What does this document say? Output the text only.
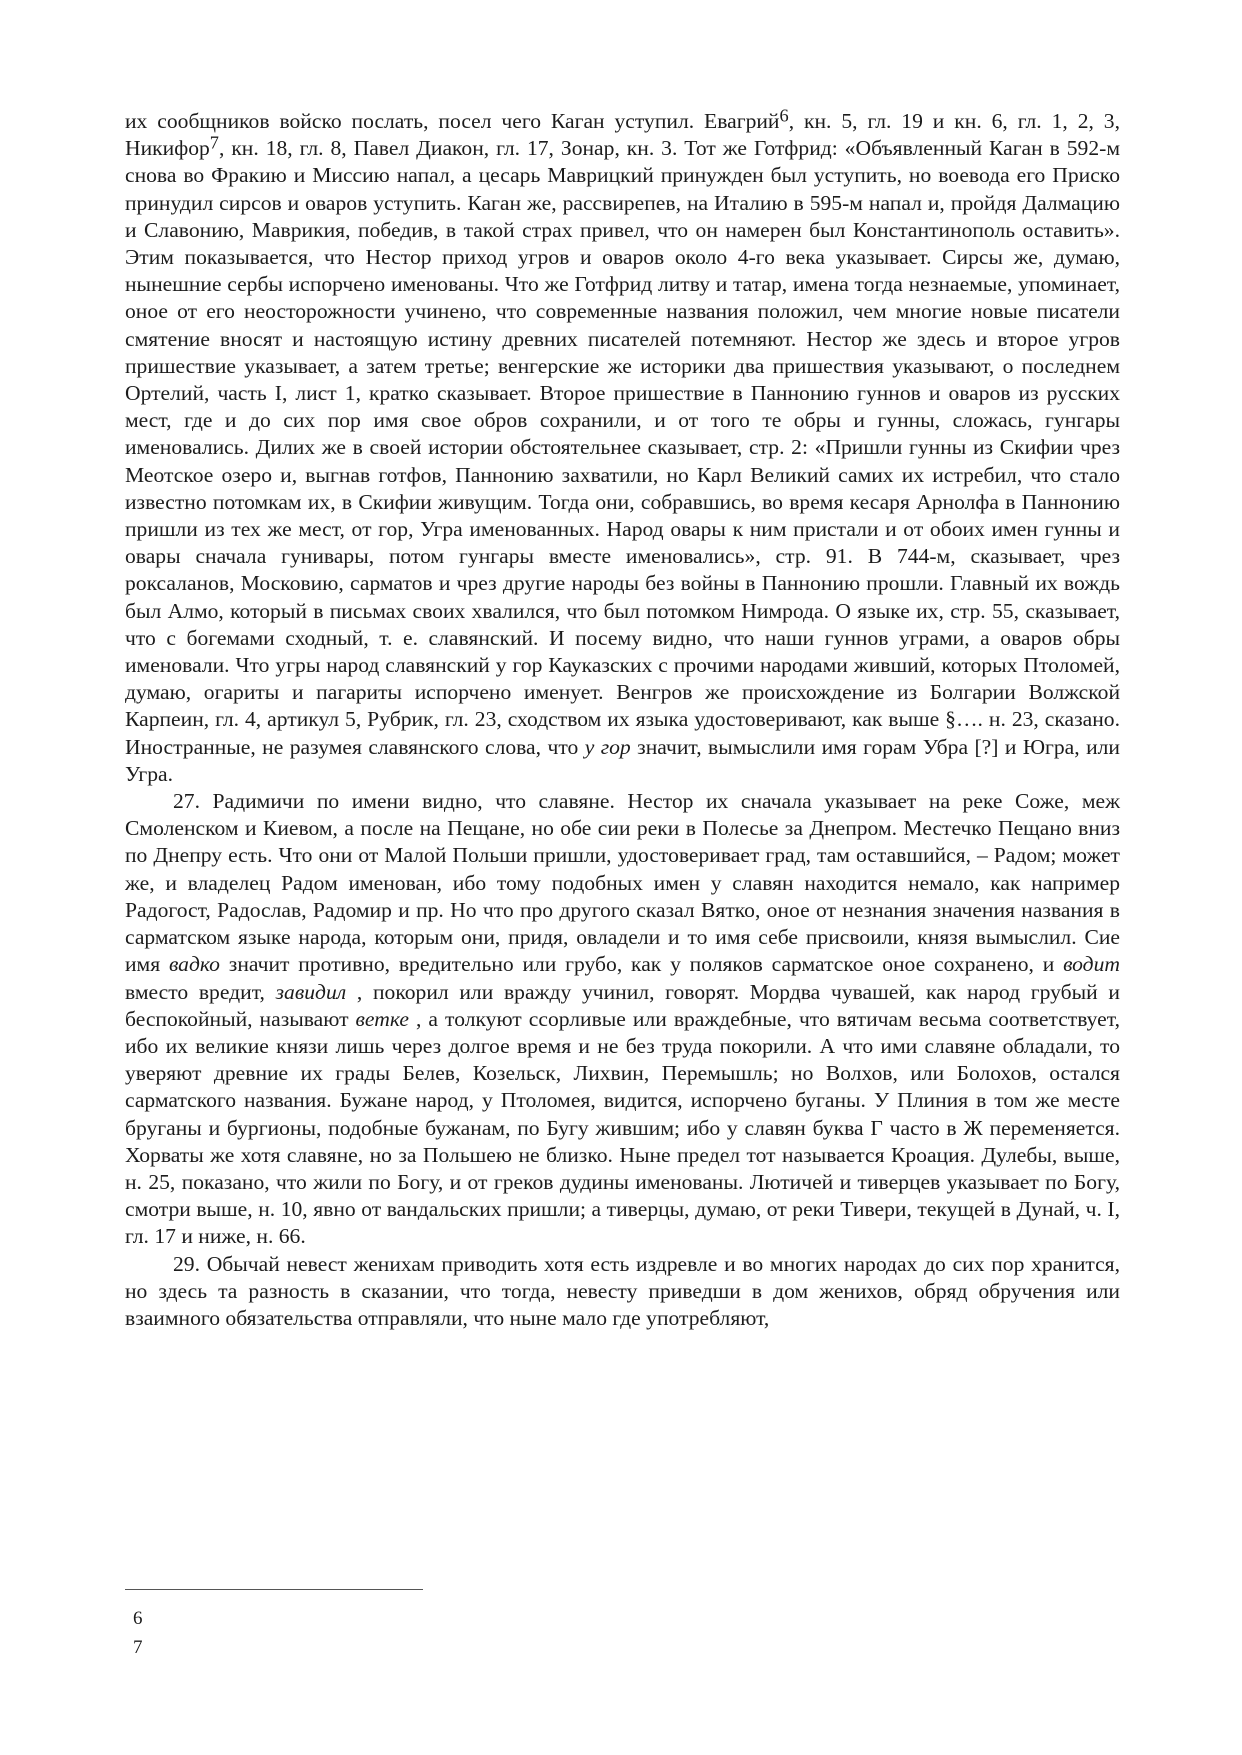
их сообщников войско послать, посел чего Каган уступил. Евагрий$^6$, кн. 5, гл. 19 и кн. 6, гл. 1, 2, 3, Никифор$^7$, кн. 18, гл. 8, Павел Диакон, гл. 17, Зонар, кн. 3. Тот же Готфрид: «Объявленный Каган в 592-м снова во Фракию и Миссию напал, а цесарь Маврицкий принужден был уступить, но воевода его Приско принудил сирсов и оваров уступить. Каган же, рассвирепев, на Италию в 595-м напал и, пройдя Далмацию и Славонию, Маврикия, победив, в такой страх привел, что он намерен был Константинополь оставить». Этим показывается, что Нестор приход угров и оваров около 4-го века указывает. Сирсы же, думаю, нынешние сербы испорчено именованы. Что же Готфрид литву и татар, имена тогда незнаемые, упоминает, оное от его неосторожности учинено, что современные названия положил, чем многие новые писатели смятение вносят и настоящую истину древних писателей потемняют. Нестор же здесь и второе угров пришествие указывает, а затем третье; венгерские же историки два пришествия указывают, о последнем Ортелий, часть I, лист 1, кратко сказывает. Второе пришествие в Паннонию гуннов и оваров из русских мест, где и до сих пор имя свое обров сохранили, и от того те обры и гунны, сложась, гунгары именовались. Дилих же в своей истории обстоятельнее сказывает, стр. 2: «Пришли гунны из Скифии чрез Меотское озеро и, выгнав готфов, Паннонию захватили, но Карл Великий самих их истребил, что стало известно потомкам их, в Скифии живущим. Тогда они, собравшись, во время кесаря Арнолфа в Паннонию пришли из тех же мест, от гор, Угра именованных. Народ овары к ним пристали и от обоих имен гунны и овары сначала гунивары, потом гунгары вместе именовались», стр. 91. В 744-м, сказывает, чрез роксаланов, Московию, сарматов и чрез другие народы без войны в Паннонию прошли. Главный их вождь был Алмо, который в письмах своих хвалился, что был потомком Нимрода. О языке их, стр. 55, сказывает, что с богемами сходный, т. е. славянский. И посему видно, что наши гуннов уграми, а оваров обры именовали. Что угры народ славянский у гор Кауказских с прочими народами живший, которых Птоломей, думаю, огариты и пагариты испорчено именует. Венгров же происхождение из Болгарии Волжской Карпеин, гл. 4, артикул 5, Рубрик, гл. 23, сходством их языка удостоверивают, как выше §…. н. 23, сказано. Иностранные, не разумея славянского слова, что у гор значит, вымыслили имя горам Убра [?] и Югра, или Угра.

27. Радимичи по имени видно, что славяне. Нестор их сначала указывает на реке Соже, меж Смоленском и Киевом, а после на Пещане, но обе сии реки в Полесье за Днепром. Местечко Пещано вниз по Днепру есть. Что они от Малой Польши пришли, удостоверивает град, там оставшийся, – Радом; может же, и владелец Радом именован, ибо тому подобных имен у славян находится немало, как например Радогост, Радослав, Радомир и пр. Но что про другого сказал Вятко, оное от незнания значения названия в сарматском языке народа, которым они, придя, овладели и то имя себе присвоили, князя вымыслил. Сие имя вадко значит противно, вредительно или грубо, как у поляков сарматское оное сохранено, и водит вместо вредит, завидил , покорил или вражду учинил, говорят. Мордва чувашей, как народ грубый и беспокойный, называют ветке , а толкуют ссорливые или враждебные, что вятичам весьма соответствует, ибо их великие князи лишь через долгое время и не без труда покорили. А что ими славяне обладали, то уверяют древние их грады Белев, Козельск, Лихвин, Перемышль; но Волхов, или Болохов, остался сарматского названия. Бужане народ, у Птоломея, видится, испорчено буганы. У Плиния в том же месте бруганы и бургионы, подобные бужанам, по Бугу жившим; ибо у славян буква Г часто в Ж переменяется. Хорваты же хотя славяне, но за Польшею не близко. Ныне предел тот называется Кроация. Дулебы, выше, н. 25, показано, что жили по Богу, и от греков дудины именованы. Лютичей и тиверцев указывает по Богу, смотри выше, н. 10, явно от вандальских пришли; а тиверцы, думаю, от реки Тивери, текущей в Дунай, ч. I, гл. 17 и ниже, н. 66.

29. Обычай невест женихам приводить хотя есть издревле и во многих народах до сих пор хранится, но здесь та разность в сказании, что тогда, невесту приведши в дом женихов, обряд обручения или взаимного обязательства отправляли, что ныне мало где употребляют,

6

7
